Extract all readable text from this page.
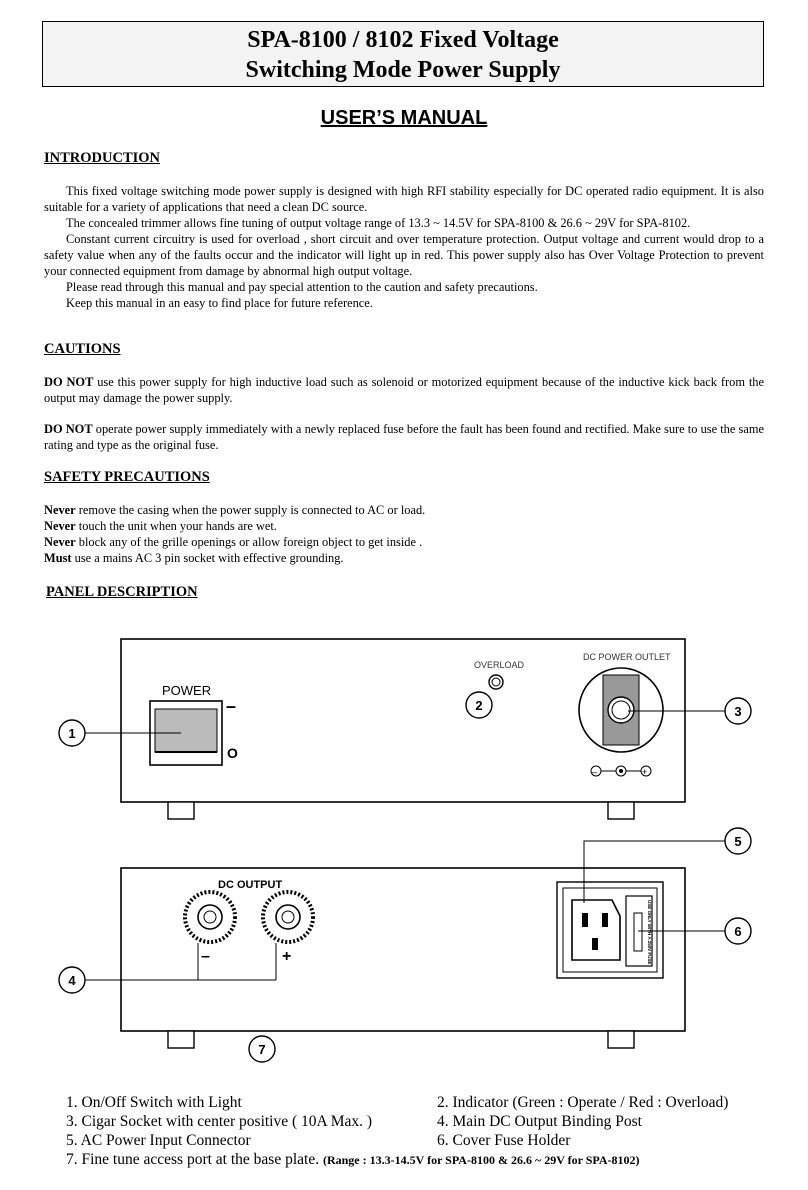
SPA-8100 / 8102 Fixed Voltage
Switching Mode Power Supply
USER’S MANUAL
INTRODUCTION

This fixed voltage switching mode power supply is designed with high RFI stability especially for DC operated radio equipment. It is also suitable for a variety of applications that need a clean DC source.

The concealed trimmer allows fine tuning of output voltage range of 13.3 ~ 14.5V for SPA-8100 & 26.6 ~ 29V for SPA-8102.

Constant current circuitry is used for overload , short circuit and over temperature protection. Output voltage and current would drop to a safety value when any of the faults occur and the indicator will light up in red. This power supply also has Over Voltage Protection to prevent your connected equipment from damage by abnormal high output voltage.

Please read through this manual and pay special attention to the caution and safety precautions.

Keep this manual in an easy to find place for future reference.

CAUTIONS
DO NOT use this power supply for high inductive load such as solenoid or motorized equipment because of the inductive kick back from the output may damage the power supply.
DO NOT operate power supply immediately with a newly replaced fuse before the fault has been found and rectified. Make sure to use the same rating and type as the original fuse.
SAFETY PRECAUTIONS

Never remove the casing when the power supply is connected to AC or load.

Never touch the unit when your hands are wet.

Never block any of the grille openings or allow foreign object to get inside .

Must use a mains AC 3 pin socket with effective grounding.

PANEL DESCRIPTION
POWER
–
O
OVERLOAD
DC POWER OUTLET
–	+
1
2	3
DC OUTPUT
–	+	USE ONLY WITH A 250V FUSE
4
5
6
7
1. On/Off Switch with Light	2. Indicator (Green : Operate / Red : Overload)
3. Cigar Socket with center positive ( 10A Max. )	4. Main DC Output Binding Post
5. AC Power Input Connector	6. Cover Fuse Holder
7. Fine tune access port at the base plate. (Range : 13.3-14.5V for SPA-8100 & 26.6 ~ 29V for SPA-8102)
